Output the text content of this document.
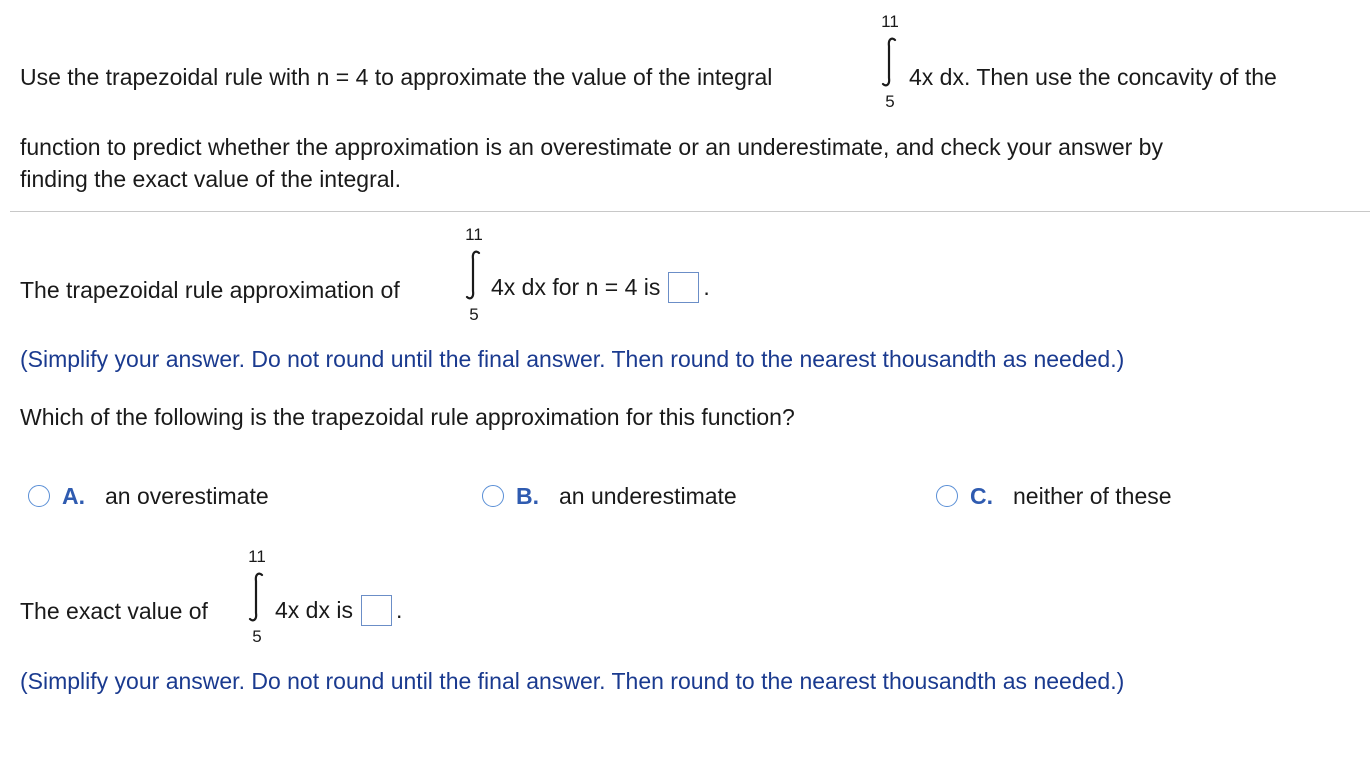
Use the trapezoidal rule with n = 4 to approximate the value of the integral
11
5
4x dx. Then use the concavity of the
function to predict whether the approximation is an overestimate or an underestimate, and check your answer by
finding the exact value of the integral.
The trapezoidal rule approximation of
11
5
4x dx for n = 4 is .
(Simplify your answer. Do not round until the final answer. Then round to the nearest thousandth as needed.)
Which of the following is the trapezoidal rule approximation for this function?
A. an overestimate	B. an underestimate	C. neither of these
The exact value of
11
5
4x dx is .
(Simplify your answer. Do not round until the final answer. Then round to the nearest thousandth as needed.)
